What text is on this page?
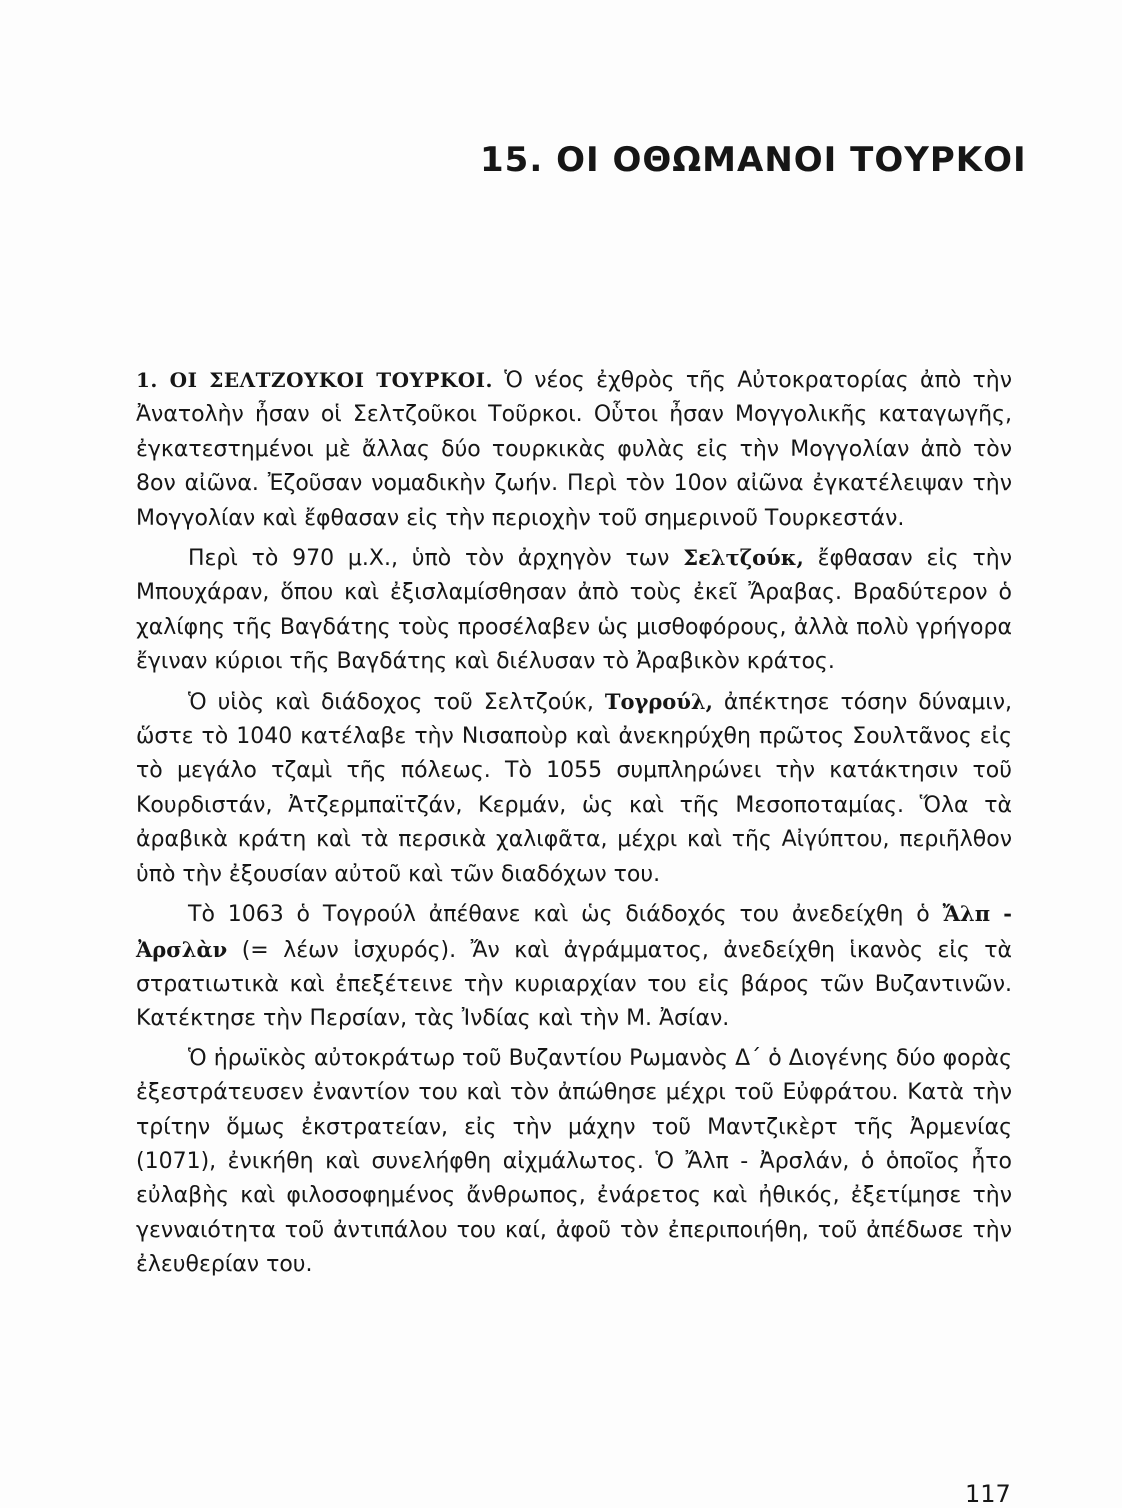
15. ΟΙ ΟΘΩΜΑΝΟΙ ΤΟΥΡΚΟΙ

1. ΟΙ ΣΕΛΤΖΟΥΚΟΙ ΤΟΥΡΚΟΙ. Ὁ νέος ἐχθρὸς τῆς Αὐτοκρατορίας ἀπὸ τὴν Ἀνατολὴν ἦσαν οἱ Σελτζοῦκοι Τοῦρκοι. Οὗτοι ἦσαν Μογγολικῆς καταγωγῆς, ἐγκατεστημένοι μὲ ἄλλας δύο τουρκικὰς φυλὰς εἰς τὴν Μογγολίαν ἀπὸ τὸν 8ον αἰῶνα. Ἐζοῦσαν νομαδικὴν ζωήν. Περὶ τὸν 10ον αἰῶνα ἐγκατέλειψαν τὴν Μογγολίαν καὶ ἔφθασαν εἰς τὴν περιοχὴν τοῦ σημερινοῦ Τουρκεστάν.

Περὶ τὸ 970 μ.Χ., ὑπὸ τὸν ἀρχηγὸν των Σελτζούκ, ἔφθασαν εἰς τὴν Μπουχάραν, ὅπου καὶ ἐξισλαμίσθησαν ἀπὸ τοὺς ἐκεῖ Ἄραβας. Βραδύτερον ὁ χαλίφης τῆς Βαγδάτης τοὺς προσέλαβεν ὡς μισθοφόρους, ἀλλὰ πολὺ γρήγορα ἔγιναν κύριοι τῆς Βαγδάτης καὶ διέλυσαν τὸ Ἀραβικὸν κράτος.

Ὁ υἱὸς καὶ διάδοχος τοῦ Σελτζούκ, Τογρούλ, ἀπέκτησε τόσην δύναμιν, ὥστε τὸ 1040 κατέλαβε τὴν Νισαποὺρ καὶ ἀνεκηρύχθη πρῶτος Σουλτᾶνος εἰς τὸ μεγάλο τζαμὶ τῆς πόλεως. Τὸ 1055 συμπληρώνει τὴν κατάκτησιν τοῦ Κουρδιστάν, Ἀτζερμπαϊτζάν, Κερμάν, ὡς καὶ τῆς Μεσοποταμίας. Ὅλα τὰ ἀραβικὰ κράτη καὶ τὰ περσικὰ χαλιφᾶτα, μέχρι καὶ τῆς Αἰγύπτου, περιῆλθον ὑπὸ τὴν ἐξουσίαν αὐτοῦ καὶ τῶν διαδόχων του.

Τὸ 1063 ὁ Τογρούλ ἀπέθανε καὶ ὡς διάδοχός του ἀνεδείχθη ὁ Ἄλπ - Ἀρσλὰν (= λέων ἰσχυρός). Ἄν καὶ ἀγράμματος, ἀνεδείχθη ἱκανὸς εἰς τὰ στρατιωτικὰ καὶ ἐπεξέτεινε τὴν κυριαρχίαν του εἰς βάρος τῶν Βυζαντινῶν. Κατέκτησε τὴν Περσίαν, τὰς Ἰνδίας καὶ τὴν Μ. Ἀσίαν.

Ὁ ἡρωϊκὸς αὐτοκράτωρ τοῦ Βυζαντίου Ρωμανὸς Δ΄ ὁ Διογένης δύο φορὰς ἐξεστράτευσεν ἐναντίον του καὶ τὸν ἀπώθησε μέχρι τοῦ Εὐφράτου. Κατὰ τὴν τρίτην ὅμως ἐκστρατείαν, εἰς τὴν μάχην τοῦ Μαντζικὲρτ τῆς Ἀρμενίας (1071), ἐνικήθη καὶ συνελήφθη αἰχμάλωτος. Ὁ Ἄλπ - Ἀρσλάν, ὁ ὁποῖος ἦτο εὐλαβὴς καὶ φιλοσοφημένος ἄνθρωπος, ἐνάρετος καὶ ἠθικός, ἐξετίμησε τὴν γενναιότητα τοῦ ἀντιπάλου του καί, ἀφοῦ τὸν ἐπεριποιήθη, τοῦ ἀπέδωσε τὴν ἐλευθερίαν του.

117
